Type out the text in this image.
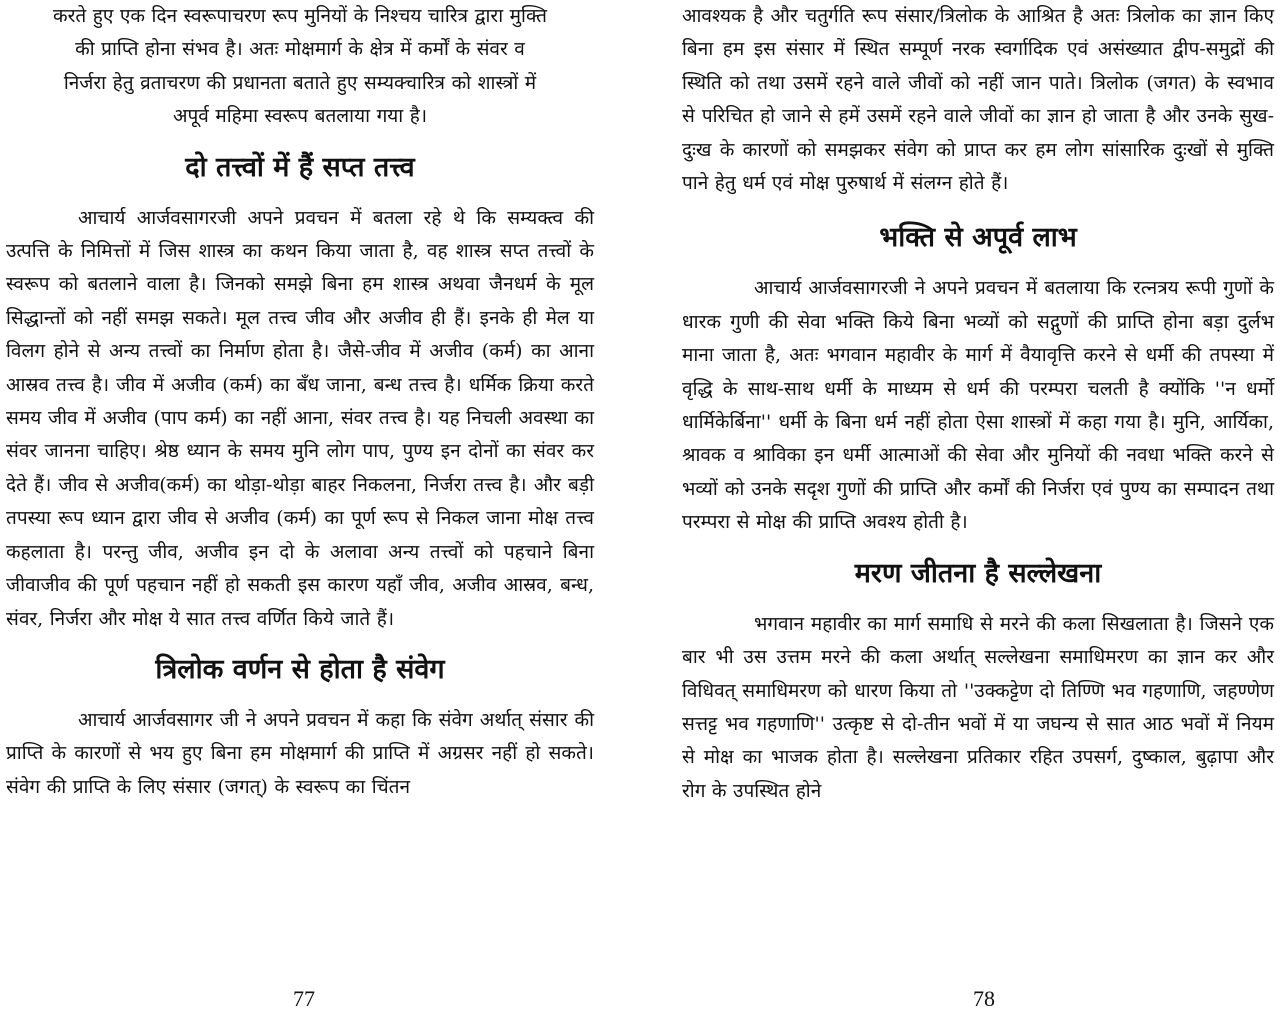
करते हुए एक दिन स्वरूपाचरण रूप मुनियों के निश्चय चारित्र द्वारा मुक्ति

की प्राप्ति होना संभव है। अतः मोक्षमार्ग के क्षेत्र में कर्मों के संवर व

निर्जरा हेतु व्रताचरण की प्रधानता बताते हुए सम्यक्चारित्र को शास्त्रों में

अपूर्व महिमा स्वरूप बतलाया गया है।

दो तत्त्वों में हैं सप्त तत्त्व

आचार्य आर्जवसागरजी अपने प्रवचन में बतला रहे थे कि सम्यक्त्व की उत्पत्ति के निमित्तों में जिस शास्त्र का कथन किया जाता है, वह शास्त्र सप्त तत्त्वों के स्वरूप को बतलाने वाला है। जिनको समझे बिना हम शास्त्र अथवा जैनधर्म के मूल सिद्धान्तों को नहीं समझ सकते। मूल तत्त्व जीव और अजीव ही हैं। इनके ही मेल या विलग होने से अन्य तत्त्वों का निर्माण होता है। जैसे-जीव में अजीव (कर्म) का आना आस्रव तत्त्व है। जीव में अजीव (कर्म) का बँध जाना, बन्ध तत्त्व है। धर्मिक क्रिया करते समय जीव में अजीव (पाप कर्म) का नहीं आना, संवर तत्त्व है। यह निचली अवस्था का संवर जानना चाहिए। श्रेष्ठ ध्यान के समय मुनि लोग पाप, पुण्य इन दोनों का संवर कर देते हैं। जीव से अजीव(कर्म) का थोड़ा-थोड़ा बाहर निकलना, निर्जरा तत्त्व है। और बड़ी तपस्या रूप ध्यान द्वारा जीव से अजीव (कर्म) का पूर्ण रूप से निकल जाना मोक्ष तत्त्व कहलाता है। परन्तु जीव, अजीव इन दो के अलावा अन्य तत्त्वों को पहचाने बिना जीवाजीव की पूर्ण पहचान नहीं हो सकती इस कारण यहाँ जीव, अजीव आस्रव, बन्ध, संवर, निर्जरा और मोक्ष ये सात तत्त्व वर्णित किये जाते हैं।

त्रिलोक वर्णन से होता है संवेग

आचार्य आर्जवसागर जी ने अपने प्रवचन में कहा कि संवेग अर्थात् संसार की प्राप्ति के कारणों से भय हुए बिना हम मोक्षमार्ग की प्राप्ति में अग्रसर नहीं हो सकते। संवेग की प्राप्ति के लिए संसार (जगत्) के स्वरूप का चिंतन

77

आवश्यक है और चतुर्गति रूप संसार/त्रिलोक के आश्रित है अतः त्रिलोक का ज्ञान किए बिना हम इस संसार में स्थित सम्पूर्ण नरक स्वर्गादिक एवं असंख्यात द्वीप-समुद्रों की स्थिति को तथा उसमें रहने वाले जीवों को नहीं जान पाते। त्रिलोक (जगत) के स्वभाव से परिचित हो जाने से हमें उसमें रहने वाले जीवों का ज्ञान हो जाता है और उनके सुख-दुःख के कारणों को समझकर संवेग को प्राप्त कर हम लोग सांसारिक दुःखों से मुक्ति पाने हेतु धर्म एवं मोक्ष पुरुषार्थ में संलग्न होते हैं।

भक्ति से अपूर्व लाभ

आचार्य आर्जवसागरजी ने अपने प्रवचन में बतलाया कि रत्नत्रय रूपी गुणों के धारक गुणी की सेवा भक्ति किये बिना भव्यों को सद्गुणों की प्राप्ति होना बड़ा दुर्लभ माना जाता है, अतः भगवान महावीर के मार्ग में वैयावृत्ति करने से धर्मी की तपस्या में वृद्धि के साथ-साथ धर्मी के माध्यम से धर्म की परम्परा चलती है क्योंकि ''न धर्मो धार्मिकेर्बिना'' धर्मी के बिना धर्म नहीं होता ऐसा शास्त्रों में कहा गया है। मुनि, आर्यिका, श्रावक व श्राविका इन धर्मी आत्माओं की सेवा और मुनियों की नवधा भक्ति करने से भव्यों को उनके सदृश गुणों की प्राप्ति और कर्मों की निर्जरा एवं पुण्य का सम्पादन तथा परम्परा से मोक्ष की प्राप्ति अवश्य होती है।

मरण जीतना है सल्लेखना

भगवान महावीर का मार्ग समाधि से मरने की कला सिखलाता है। जिसने एक बार भी उस उत्तम मरने की कला अर्थात् सल्लेखना समाधिमरण का ज्ञान कर और विधिवत् समाधिमरण को धारण किया तो ''उक्कट्टेण दो तिण्णि भव गहणाणि, जहण्णेण सत्तट्ट भव गहणाणि'' उत्कृष्ट से दो-तीन भवों में या जघन्य से सात आठ भवों में नियम से मोक्ष का भाजक होता है। सल्लेखना प्रतिकार रहित उपसर्ग, दुष्काल, बुढ़ापा और रोग के उपस्थित होने

78
